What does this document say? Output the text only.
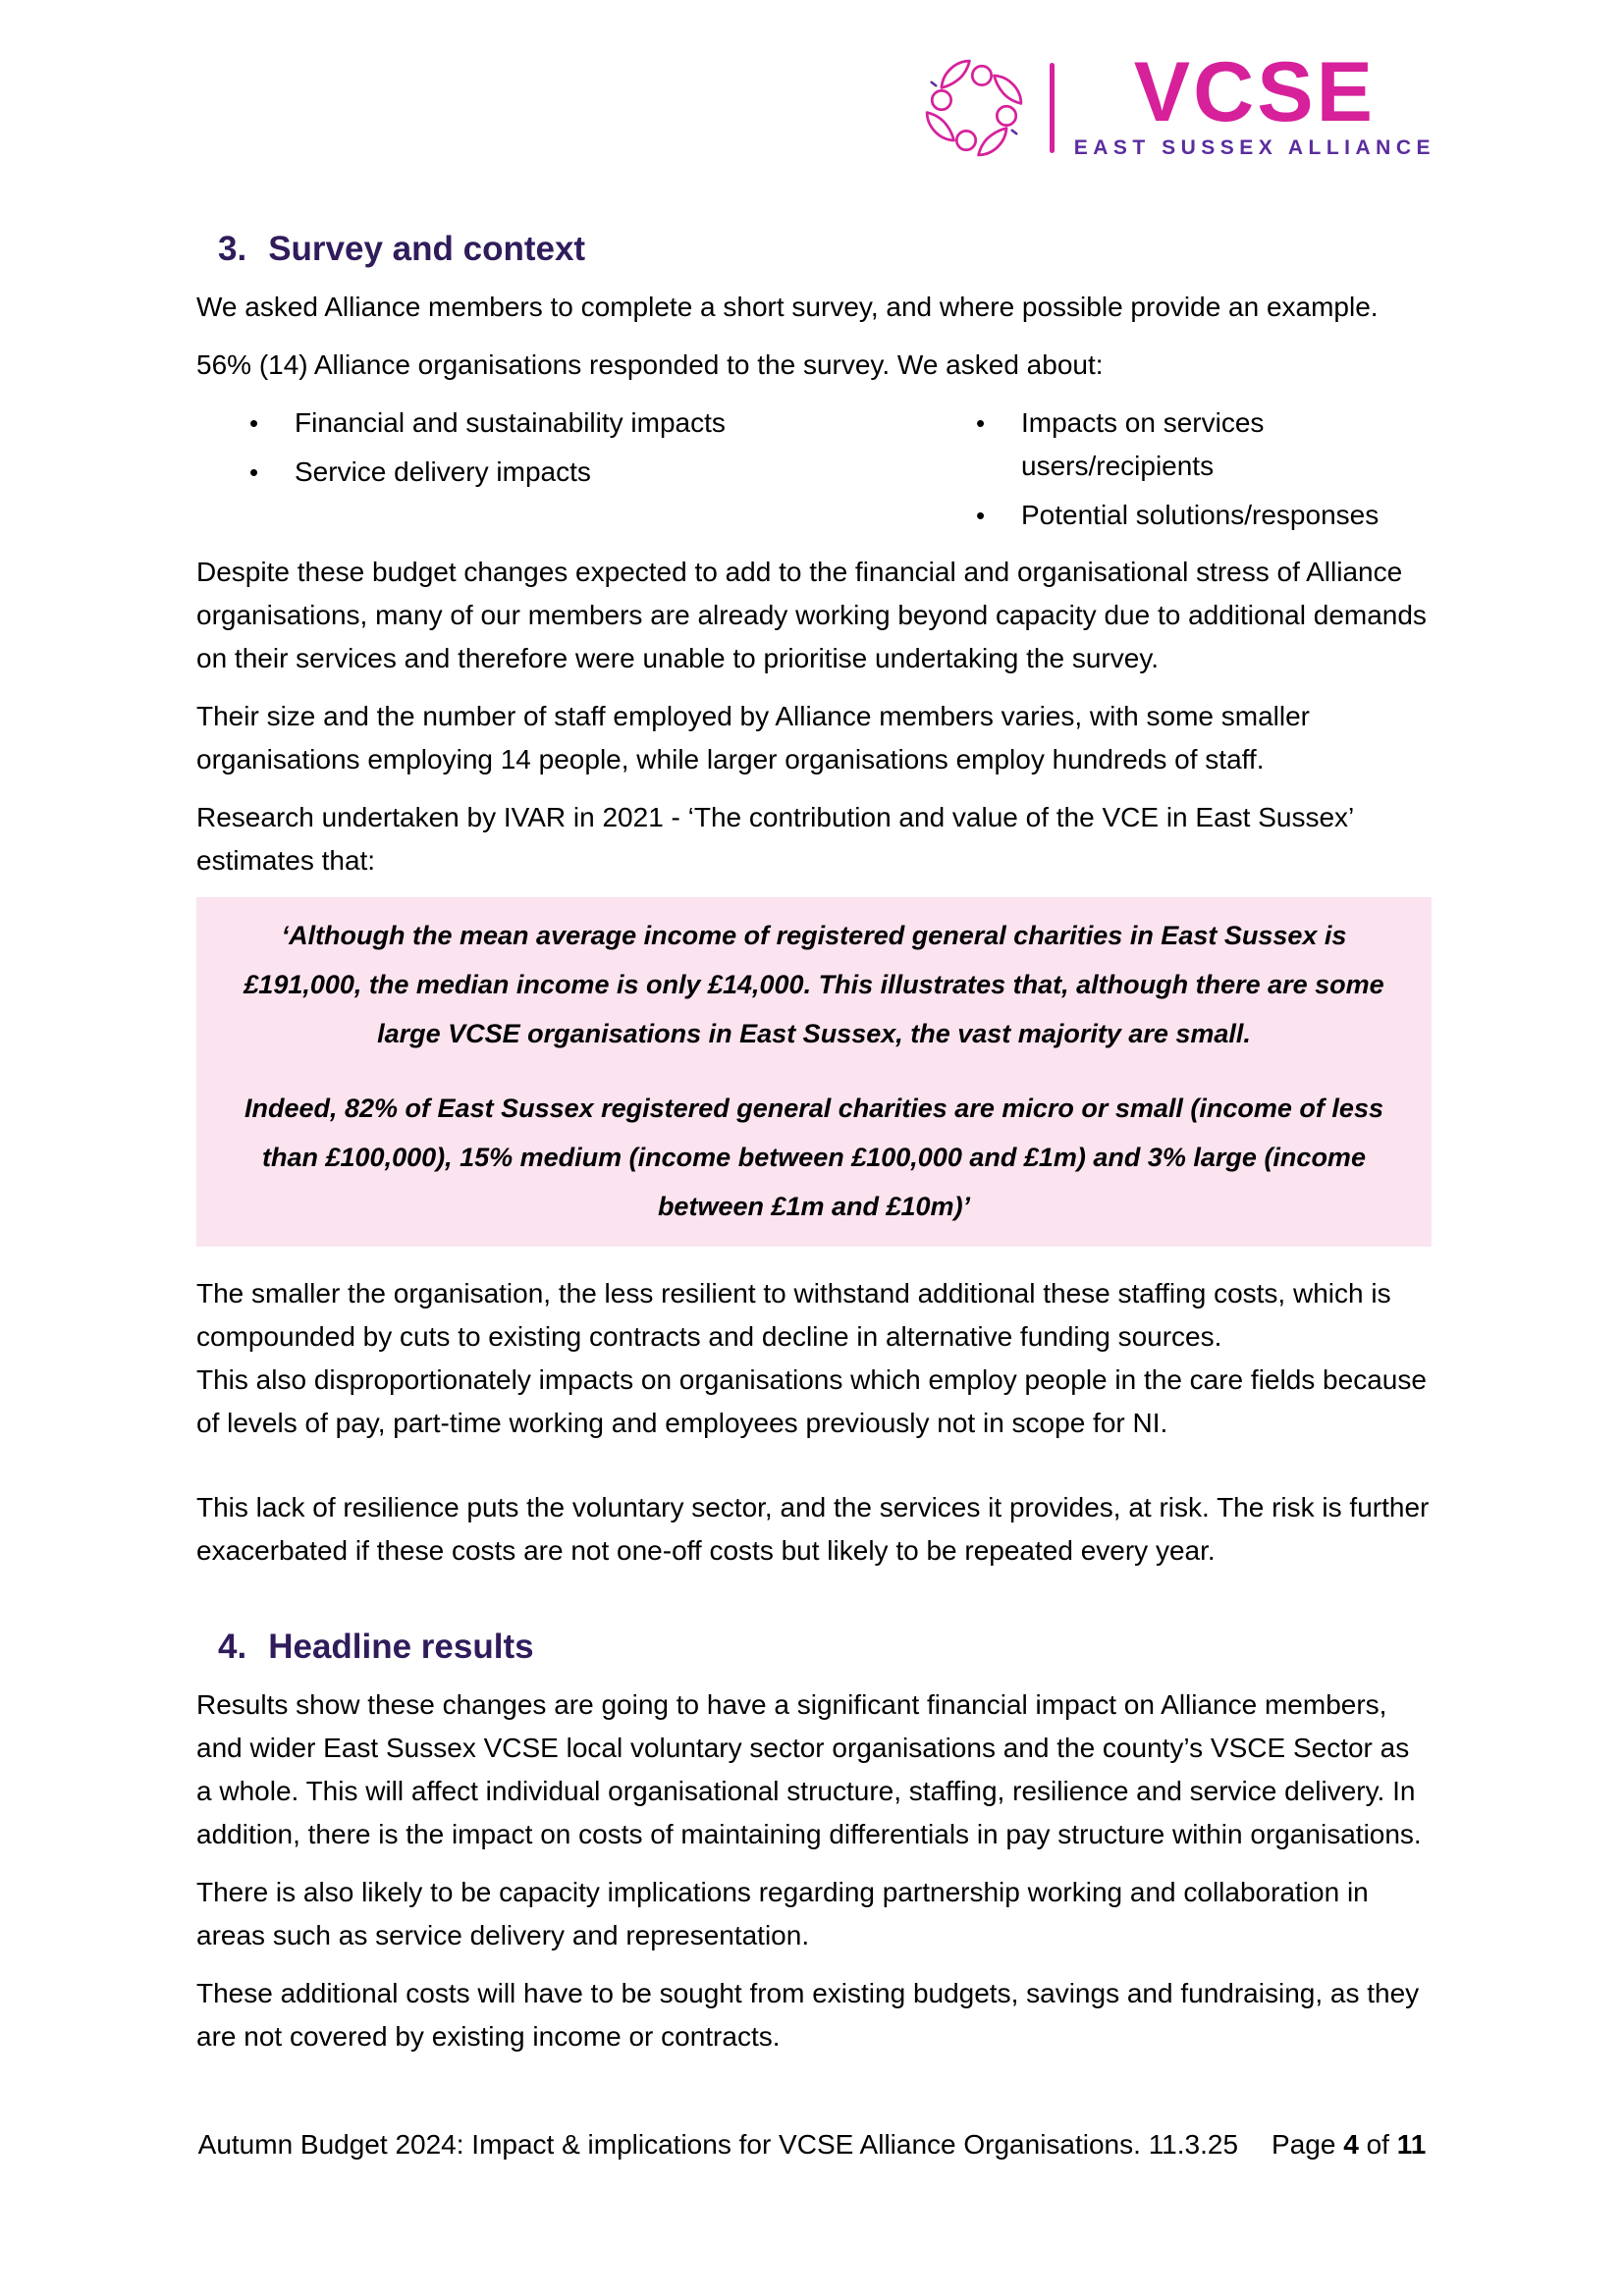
VCSE
EAST SUSSEX ALLIANCE
3. Survey and context

We asked Alliance members to complete a short survey, and where possible provide an example.

56% (14) Alliance organisations responded to the survey. We asked about:

•	Financial and sustainability impacts
•	Service delivery impacts
•	Impacts on services users/recipients
•	Potential solutions/responses

Despite these budget changes expected to add to the financial and organisational stress of Alliance organisations, many of our members are already working beyond capacity due to additional demands on their services and therefore were unable to prioritise undertaking the survey.

Their size and the number of staff employed by Alliance members varies, with some smaller organisations employing 14 people, while larger organisations employ hundreds of staff.

Research undertaken by IVAR in 2021 - ‘The contribution and value of the VCE in East Sussex’ estimates that:

‘Although the mean average income of registered general charities in East Sussex is £191,000, the median income is only £14,000. This illustrates that, although there are some large VCSE organisations in East Sussex, the vast majority are small.

Indeed, 82% of East Sussex registered general charities are micro or small (income of less than £100,000), 15% medium (income between £100,000 and £1m) and 3% large (income between £1m and £10m)’

The smaller the organisation, the less resilient to withstand additional these staffing costs, which is compounded by cuts to existing contracts and decline in alternative funding sources.

This also disproportionately impacts on organisations which employ people in the care fields because of levels of pay, part-time working and employees previously not in scope for NI.

This lack of resilience puts the voluntary sector, and the services it provides, at risk. The risk is further exacerbated if these costs are not one-off costs but likely to be repeated every year.

4. Headline results

Results show these changes are going to have a significant financial impact on Alliance members, and wider East Sussex VCSE local voluntary sector organisations and the county’s VSCE Sector as a whole. This will affect individual organisational structure, staffing, resilience and service delivery. In addition, there is the impact on costs of maintaining differentials in pay structure within organisations.

There is also likely to be capacity implications regarding partnership working and collaboration in areas such as service delivery and representation.

These additional costs will have to be sought from existing budgets, savings and fundraising, as they are not covered by existing income or contracts.

Autumn Budget 2024: Impact & implications for VCSE Alliance Organisations. 11.3.25 Page 4 of 11
